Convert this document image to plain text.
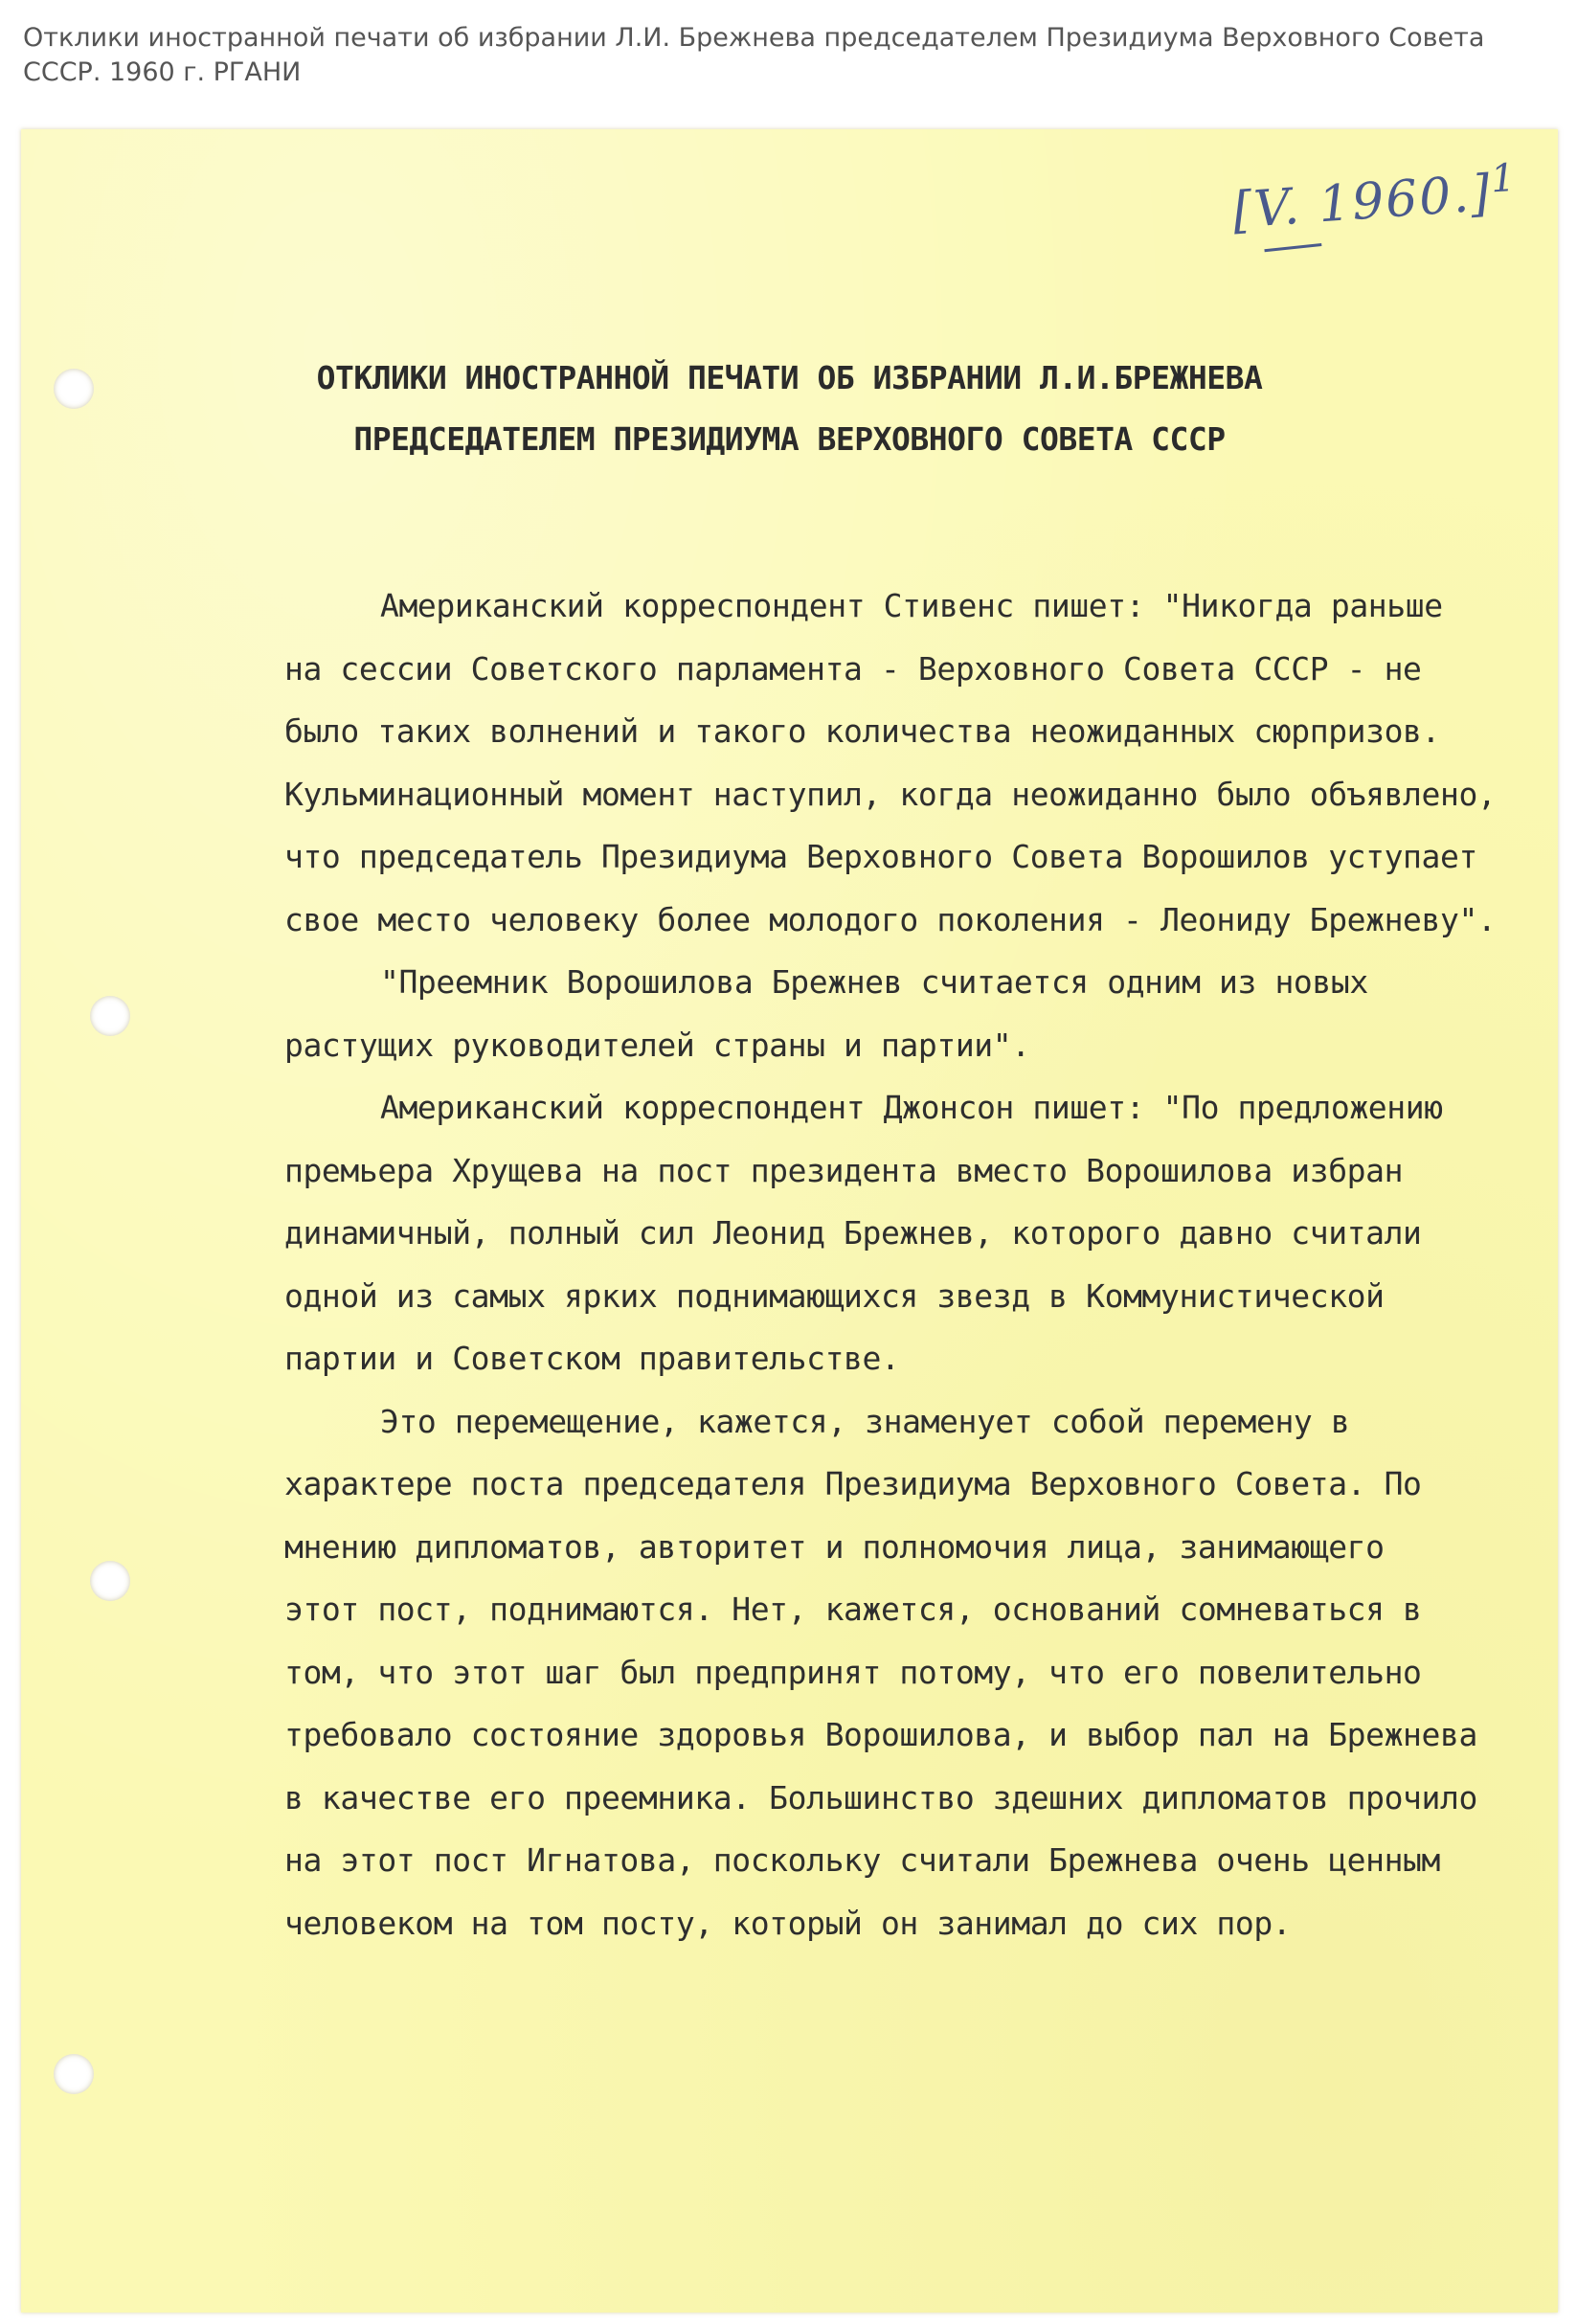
Отклики иностранной печати об избрании Л.И. Брежнева председателем Президиума Верховного Совета СССР. 1960 г. РГАНИ
[V. 1960.]$^1$
ОТКЛИКИ ИНОСТРАННОЙ ПЕЧАТИ ОБ ИЗБРАНИИ Л.И.БРЕЖНЕВА
ПРЕДСЕДАТЕЛЕМ ПРЕЗИДИУМА ВЕРХОВНОГО СОВЕТА СССР
Американский корреспондент Стивенс пишет: "Никогда раньше
на сессии Советского парламента - Верховного Совета СССР - не
было таких волнений и такого количества неожиданных сюрпризов.
Кульминационный момент наступил, когда неожиданно было объявлено,
что председатель Президиума Верховного Совета Ворошилов уступает
свое место человеку более молодого поколения - Леониду Брежневу".
"Преемник Ворошилова Брежнев считается одним из новых
растущих руководителей страны и партии".
Американский корреспондент Джонсон пишет: "По предложению
премьера Хрущева на пост президента вместо Ворошилова избран
динамичный, полный сил Леонид Брежнев, которого давно считали
одной из самых ярких поднимающихся звезд в Коммунистической
партии и Советском правительстве.
Это перемещение, кажется, знаменует собой перемену в
характере поста председателя Президиума Верховного Совета. По
мнению дипломатов, авторитет и полномочия лица, занимающего
этот пост, поднимаются. Нет, кажется, оснований сомневаться в
том, что этот шаг был предпринят потому, что его повелительно
требовало состояние здоровья Ворошилова, и выбор пал на Брежнева
в качестве его преемника. Большинство здешних дипломатов прочило
на этот пост Игнатова, поскольку считали Брежнева очень ценным
человеком на том посту, который он занимал до сих пор.
